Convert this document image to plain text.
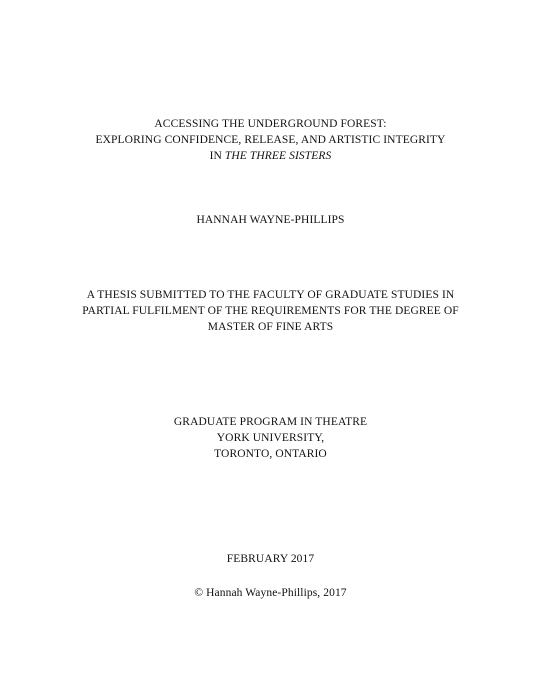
ACCESSING THE UNDERGROUND FOREST:
EXPLORING CONFIDENCE, RELEASE, AND ARTISTIC INTEGRITY
IN THE THREE SISTERS
HANNAH WAYNE-PHILLIPS
A THESIS SUBMITTED TO THE FACULTY OF GRADUATE STUDIES IN
PARTIAL FULFILMENT OF THE REQUIREMENTS FOR THE DEGREE OF
MASTER OF FINE ARTS
GRADUATE PROGRAM IN THEATRE
YORK UNIVERSITY,
TORONTO, ONTARIO
FEBRUARY 2017
© Hannah Wayne-Phillips, 2017
